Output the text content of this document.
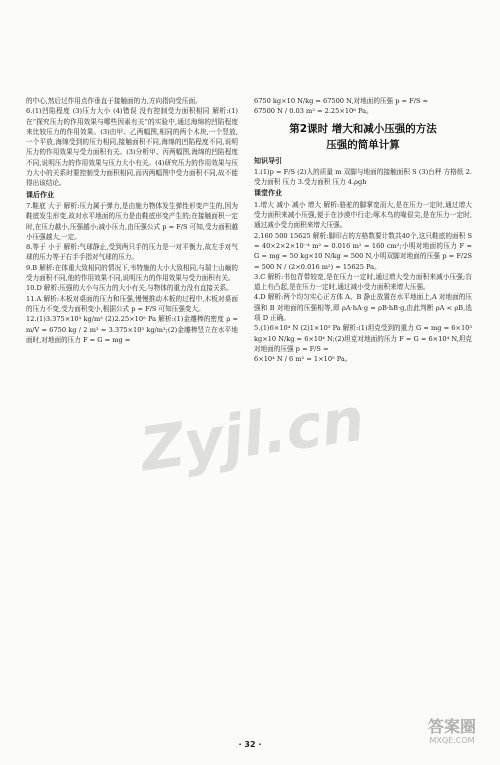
的中心,然后过作用点作垂直于接触面的力,方向指向受压面。

6.(1)凹陷程度 (3)压力大小 (4)错误 没有控制受力面积相同 解析:(1)在“探究压力的作用效果与哪些因素有关”的实验中,通过海绵的凹陷程度来比较压力的作用效果。(3)由甲、乙两幅图,相同的两个木块,一个竖放,一个平放,海绵受到的压力相同,接触面积不同,海绵的凹陷程度不同,说明压力的作用效果与受力面积有关。(3)分析甲、丙两幅图,海绵的凹陷程度不同,说明压力的作用效果与压力大小有关。(4)研究压力的作用效果与压力大小的关系时要控制受力面积相同,而丙两幅图中受力面积不同,故不能得出该结论。

课后作业

7.鞋底 大于 解析:压力属于弹力,是由施力物体发生弹性形变产生的,因为鞋底发生形变,故对水平地面的压力是由鞋底形变产生的;在接触面积一定时,在压力越小,压强越小;减小压力,由压强公式 p = F/S 可知,受力面积越小压强越大,一定。

8.等于 小于 解析:气球静止,受到两只手的压力是一对平衡力,故左手对气球的压力等于右手手指对气球的压力。

9.B 解析:在体重大致相同的情况下,韦特施的大小大致相同,与瑞士山巅的受力面积不同,他的作用效果不同,说明压力的作用效果与受力面积有关。

10.D 解析:压强的大小与压力的大小有关,与物体的重力没有直接关系。

11.A 解析:木板对桌面的压力和压强,慢慢推动木板的过程中,木板对桌面的压力不变,受力面积变小,根据公式 p = F/S 可知压强变大。

12.(1)3.375×10³ kg/m³ (2)2.25×10⁵ Pa 解析:(1)金雕棒的密度 ρ = m/V = 6750 kg / 2 m³ = 3.375×10³ kg/m³;(2)金雕棒竖立在水平地面时,对地面的压力 F = G = mg =

6750 kg×10 N/kg = 67500 N,对地面的压强 p = F/S =

67500 N / 0.03 m² = 2.25×10⁶ Pa。

第2课时 增大和减小压强的方法
压强的简单计算
知识导引

1.(1)p = F/S (2)人的质量 m 双脚与地面的接触面积 S (3)台秤 方格纸 2.受力面积 压力 3.受力面积 压力 4.ρgh

课堂作业

1.增大 减小 减小 增大 解析:骆驼的脚掌宽而大,是在压力一定时,通过增大受力面积来减小压强,便于在沙漠中行走;啄木鸟的喙很尖,是在压力一定时,通过减小受力面积来增大压强。

2.160 500 15625 解析:脚印占的方格数要计数共40个,这只鞋底的面积 S = 40×2×2×10⁻⁴ m² = 0.016 m² = 160 cm²;小明对地面的压力 F = G = mg = 50 kg×10 N/kg = 500 N,小明双脚对地面的压强 p = F/2S = 500 N / (2×0.016 m²) = 15625 Pa。

3.C 解析:书包背带较宽,是在压力一定时,通过增大受力面积来减小压强;盲道上有凸起,是在压力一定时,通过减小受力面积来增大压强。

4.D 解析:两个均匀实心正方体 A、B 静止放置在水平地面上,A 对地面的压强和 B 对地面的压强相等,即 ρA·hA·g = ρB·hB·g,由此判断 ρA < ρB,选项 D 正确。

5.(1)6×10⁴ N (2)1×10⁵ Pa 解析:(1)坦克受到的重力 G = mg = 6×10³ kg×10 N/kg = 6×10⁴ N;(2)坦克对地面的压力 F = G = 6×10⁴ N,坦克对地面的压强 p = F/S =

6×10⁴ N / 6 m² = 1×10⁵ Pa。

· 32 ·
Zyjl.cn
答案圈
MXQE.COM
